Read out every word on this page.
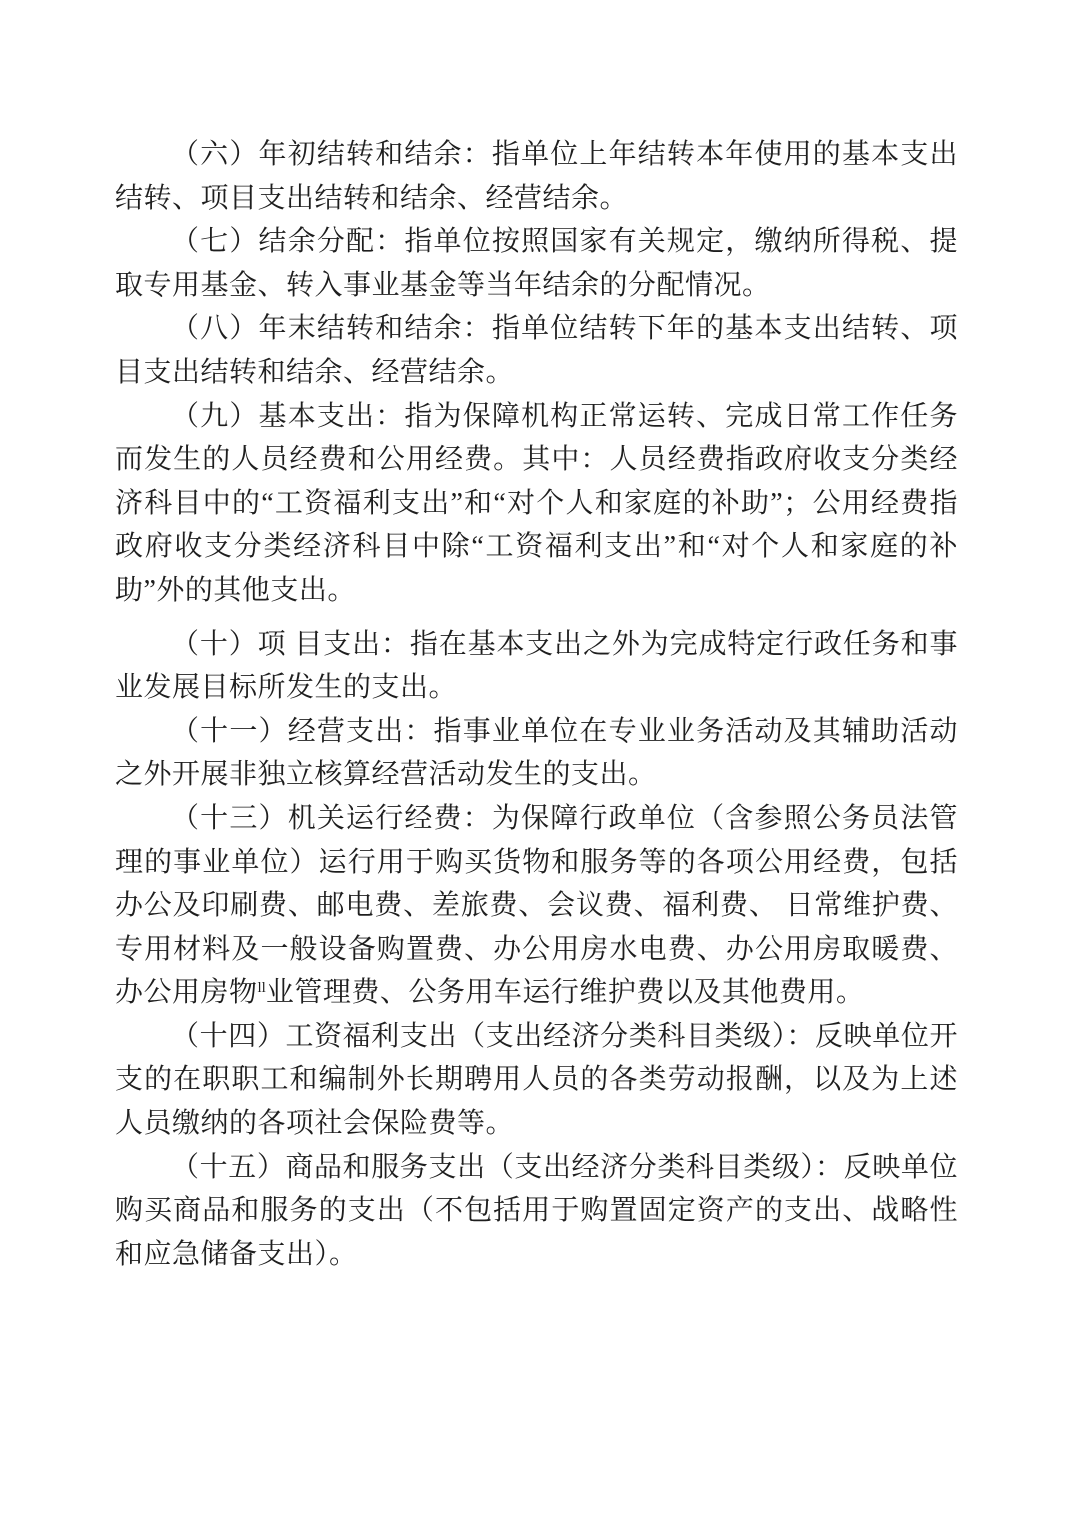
（六）年初结转和结余：指单位上年结转本年使用的基本支出结转、项目支出结转和结余、经营结余。

（七）结余分配：指单位按照国家有关规定，缴纳所得税、提取专用基金、转入事业基金等当年结余的分配情况。

（八）年末结转和结余：指单位结转下年的基本支出结转、项目支出结转和结余、经营结余。

（九）基本支出：指为保障机构正常运转、完成日常工作任务而发生的人员经费和公用经费。其中：人员经费指政府收支分类经济科目中的“工资福利支出”和“对个人和家庭的补助”；公用经费指政府收支分类经济科目中除“工资福利支出”和“对个人和家庭的补助”外的其他支出。

（十）项 目支出：指在基本支出之外为完成特定行政任务和事业发展目标所发生的支出。

（十一）经营支出：指事业单位在专业业务活动及其辅助活动之外开展非独立核算经营活动发生的支出。

（十三）机关运行经费：为保障行政单位（含参照公务员法管理的事业单位）运行用于购买货物和服务等的各项公用经费，包括办公及印刷费、邮电费、差旅费、会议费、福利费、 日常维护费、专用材料及一般设备购置费、办公用房水电费、办公用房取暖费、办公用房物$^{ll}$业管理费、公务用车运行维护费以及其他费用。

（十四）工资福利支出（支出经济分类科目类级）：反映单位开支的在职职工和编制外长期聘用人员的各类劳动报酬，以及为上述人员缴纳的各项社会保险费等。

（十五）商品和服务支出（支出经济分类科目类级）：反映单位购买商品和服务的支出（不包括用于购置固定资产的支出、战略性和应急储备支出）。
